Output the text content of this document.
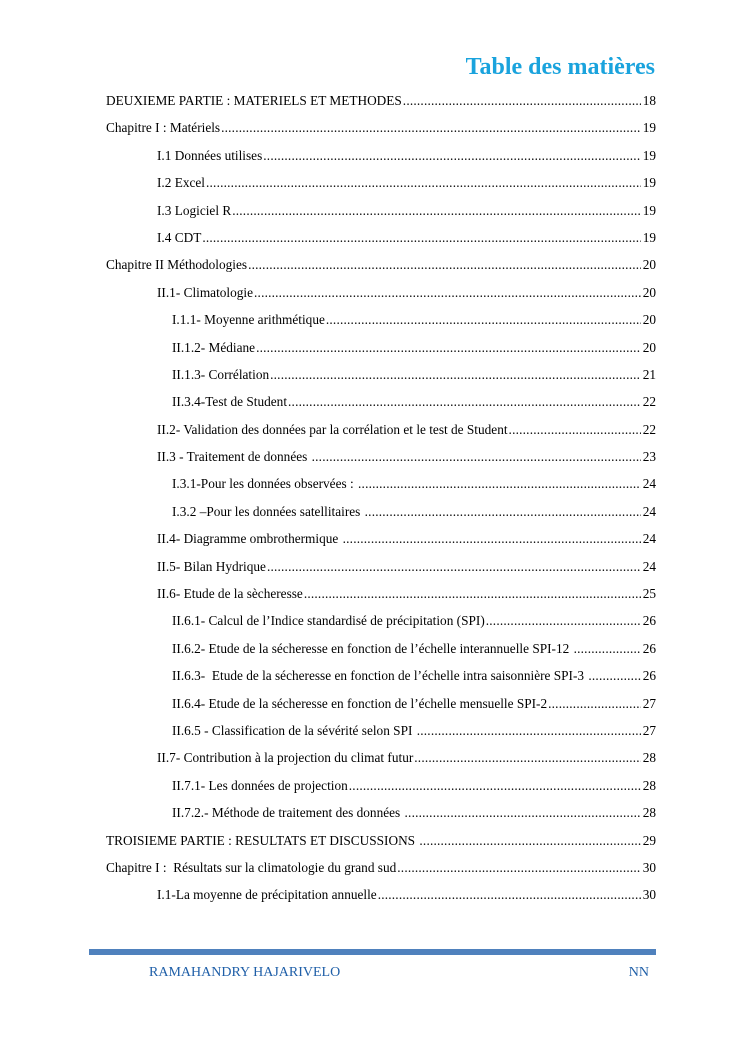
Table des matières
DEUXIEME PARTIE : MATERIELS ET METHODES .....	18
Chapitre I : Matériels .....	19
I.1 Données utilises .....	19
I.2 Excel .....	19
I.3 Logiciel R .....	19
I.4 CDT .....	19
Chapitre II Méthodologies .....	20
II.1- Climatologie .....	20
I.1.1- Moyenne arithmétique .....	20
II.1.2- Médiane .....	20
II.1.3- Corrélation .....	21
II.3.4-Test de Student .....	22
II.2- Validation des données par la corrélation et le test de Student .....	22
II.3 - Traitement de données .....	23
I.3.1-Pour les données observées : .....	24
I.3.2 –Pour les données satellitaires .....	24
II.4- Diagramme ombrothermique .....	24
II.5- Bilan Hydrique .....	24
II.6- Etude de la sècheresse .....	25
II.6.1- Calcul de l’Indice standardisé de précipitation (SPI) .....	26
II.6.2- Etude de la sécheresse en fonction de l’échelle interannuelle SPI-12 .....	26
II.6.3-  Etude de la sécheresse en fonction de l’échelle intra saisonnière SPI-3 .....	26
II.6.4- Etude de la sécheresse en fonction de l’échelle mensuelle SPI-2 .....	27
II.6.5 - Classification de la sévérité selon SPI .....	27
II.7- Contribution à la projection du climat futur .....	28
II.7.1- Les données de projection .....	28
II.7.2.- Méthode de traitement des données .....	28
TROISIEME PARTIE : RESULTATS ET DISCUSSIONS .....	29
Chapitre I :  Résultats sur la climatologie du grand sud .....	30
I.1-La moyenne de précipitation annuelle .....	30
RAMAHANDRY HAJARIVELO	NN
